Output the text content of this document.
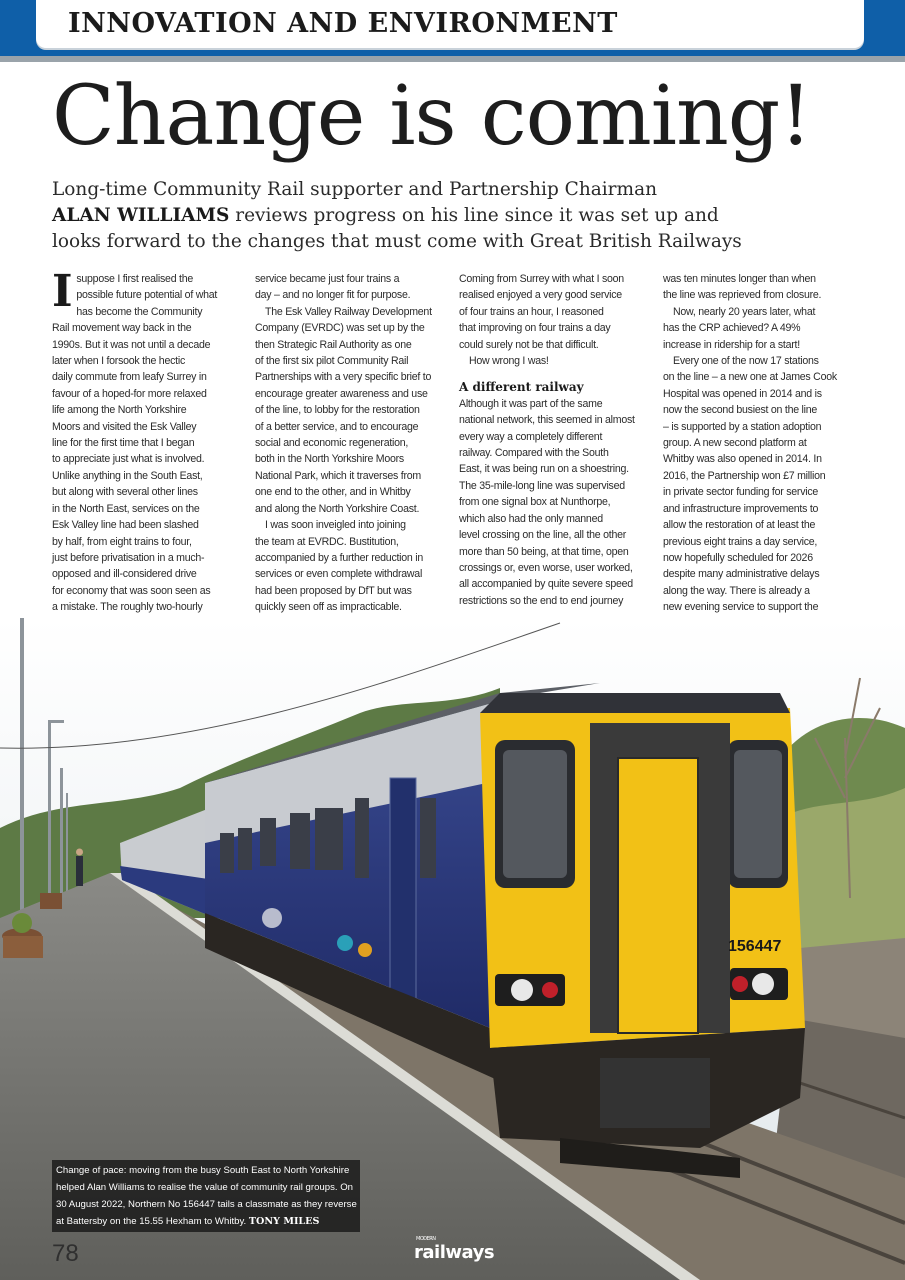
INNOVATION AND ENVIRONMENT
Change is coming!
Long-time Community Rail supporter and Partnership Chairman
ALAN WILLIAMS reviews progress on his line since it was set up and
looks forward to the changes that must come with Great British Railways
I suppose I first realised the
possible future potential of what
has become the Community
Rail movement way back in the
1990s. But it was not until a decade
later when I forsook the hectic
daily commute from leafy Surrey in
favour of a hoped-for more relaxed
life among the North Yorkshire
Moors and visited the Esk Valley
line for the first time that I began
to appreciate just what is involved.
Unlike anything in the South East,
but along with several other lines
in the North East, services on the
Esk Valley line had been slashed
by half, from eight trains to four,
just before privatisation in a much-
opposed and ill-considered drive
for economy that was soon seen as
a mistake. The roughly two-hourly
service became just four trains a
day – and no longer fit for purpose.
The Esk Valley Railway Development
Company (EVRDC) was set up by the
then Strategic Rail Authority as one
of the first six pilot Community Rail
Partnerships with a very specific brief to
encourage greater awareness and use
of the line, to lobby for the restoration
of a better service, and to encourage
social and economic regeneration,
both in the North Yorkshire Moors
National Park, which it traverses from
one end to the other, and in Whitby
and along the North Yorkshire Coast.
I was soon inveigled into joining
the team at EVRDC. Bustitution,
accompanied by a further reduction in
services or even complete withdrawal
had been proposed by DfT but was
quickly seen off as impracticable.
Coming from Surrey with what I soon
realised enjoyed a very good service
of four trains an hour, I reasoned
that improving on four trains a day
could surely not be that difficult.
How wrong I was!
A different railway
Although it was part of the same
national network, this seemed in almost
every way a completely different
railway. Compared with the South
East, it was being run on a shoestring.
The 35-mile-long line was supervised
from one signal box at Nunthorpe,
which also had the only manned
level crossing on the line, all the other
more than 50 being, at that time, open
crossings or, even worse, user worked,
all accompanied by quite severe speed
restrictions so the end to end journey
was ten minutes longer than when
the line was reprieved from closure.
Now, nearly 20 years later, what
has the CRP achieved? A 49%
increase in ridership for a start!
Every one of the now 17 stations
on the line – a new one at James Cook
Hospital was opened in 2014 and is
now the second busiest on the line
– is supported by a station adoption
group. A new second platform at
Whitby was also opened in 2014. In
2016, the Partnership won £7 million
in private sector funding for service
and infrastructure improvements to
allow the restoration of at least the
previous eight trains a day service,
now hopefully scheduled for 2026
despite many administrative delays
along the way. There is already a
new evening service to support the
156447
Change of pace: moving from the busy South East to North Yorkshire
helped Alan Williams to realise the value of community rail groups. On
30 August 2022, Northern No 156447 tails a classmate as they reverse
at Battersby on the 15.55 Hexham to Whitby. TONY MILES
78
MODERN
railways
